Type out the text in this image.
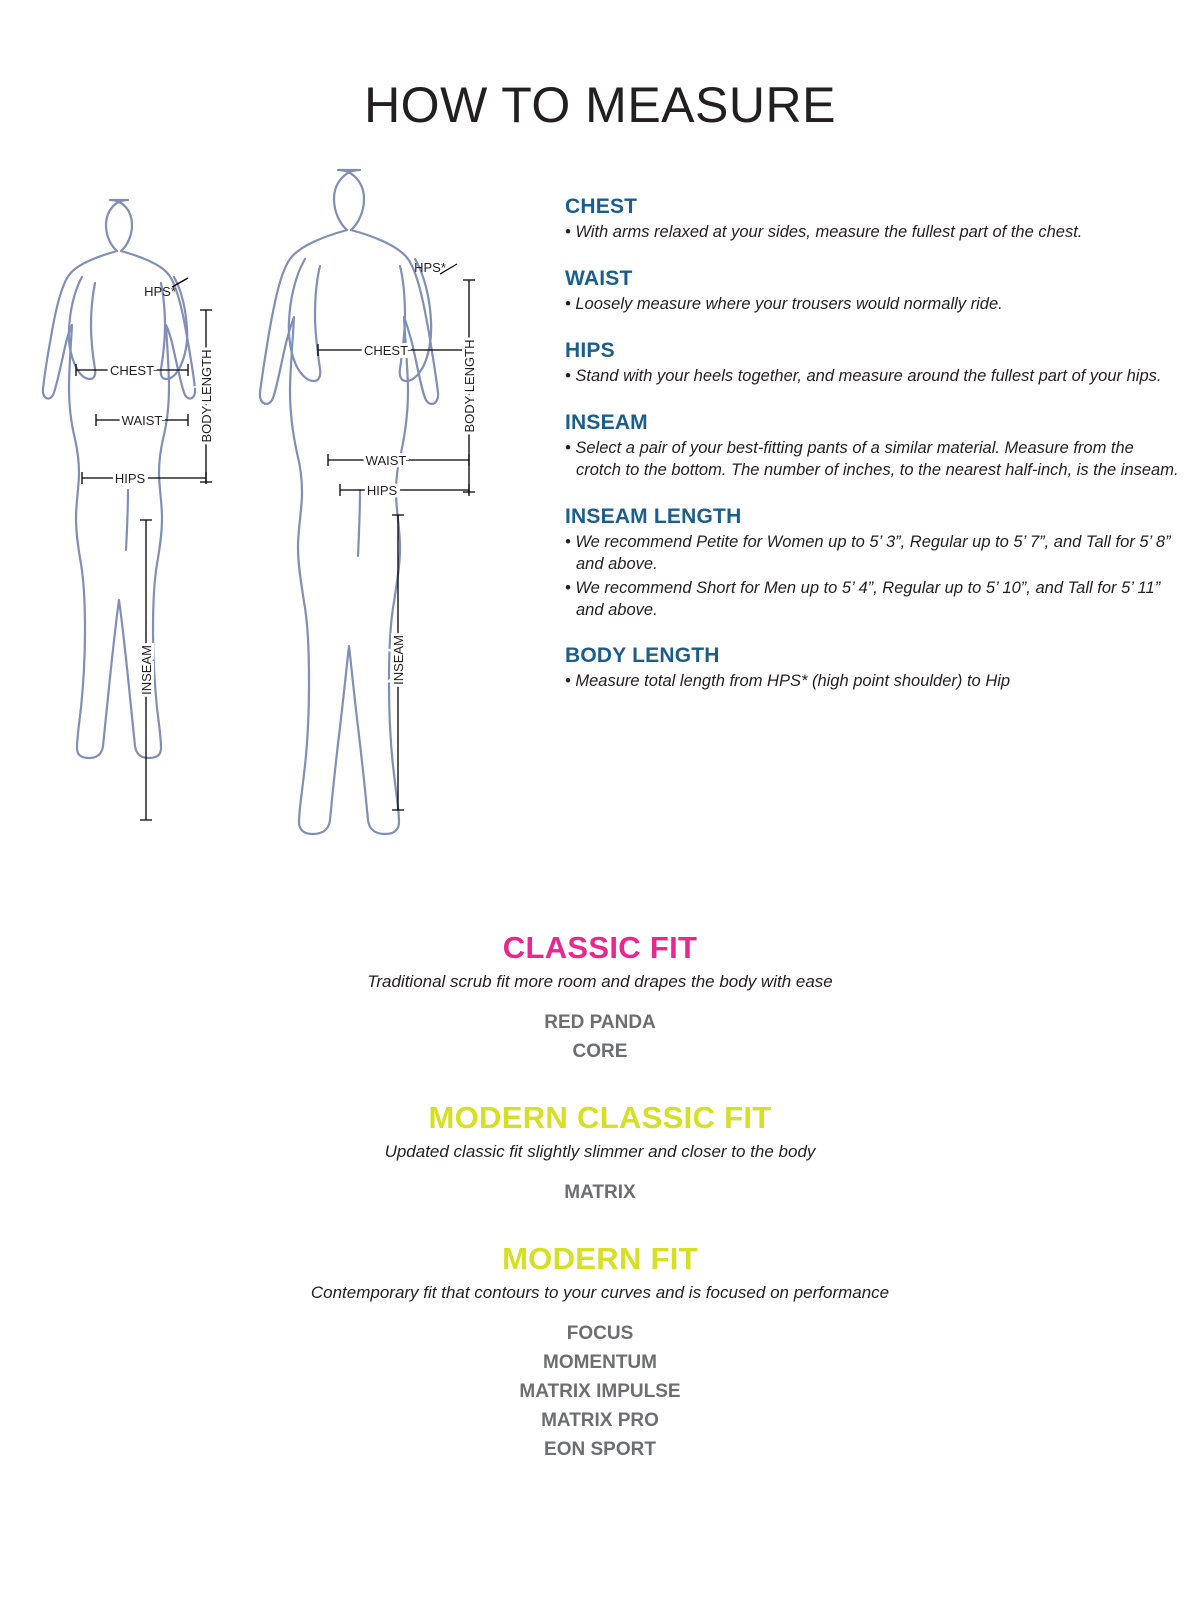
HOW TO MEASURE
HPS*
CHEST
WAIST
HIPS
BODY LENGTH
INSEAM
HPS*
CHEST
WAIST
HIPS
BODY LENGTH
INSEAM

CHEST

• With arms relaxed at your sides, measure the fullest part of the chest.

WAIST

• Loosely measure where your trousers would normally ride.

HIPS

• Stand with your heels together, and measure around the fullest part of your hips.

INSEAM

• Select a pair of your best-fitting pants of a similar material. Measure from the crotch to the bottom. The number of inches, to the nearest half-inch, is the inseam.

INSEAM LENGTH

• We recommend Petite for Women up to 5’ 3”, Regular up to 5’ 7”, and Tall for 5’ 8” and above.

• We recommend Short for Men up to 5’ 4”, Regular up to 5’ 10”, and Tall for 5’ 11” and above.

BODY LENGTH

• Measure total length from HPS* (high point shoulder) to Hip

CLASSIC FIT

Traditional scrub fit more room and drapes the body with ease

RED PANDA
CORE

MODERN CLASSIC FIT

Updated classic fit slightly slimmer and closer to the body

MATRIX

MODERN FIT

Contemporary fit that contours to your curves and is focused on performance

FOCUS
MOMENTUM
MATRIX IMPULSE
MATRIX PRO
EON SPORT
